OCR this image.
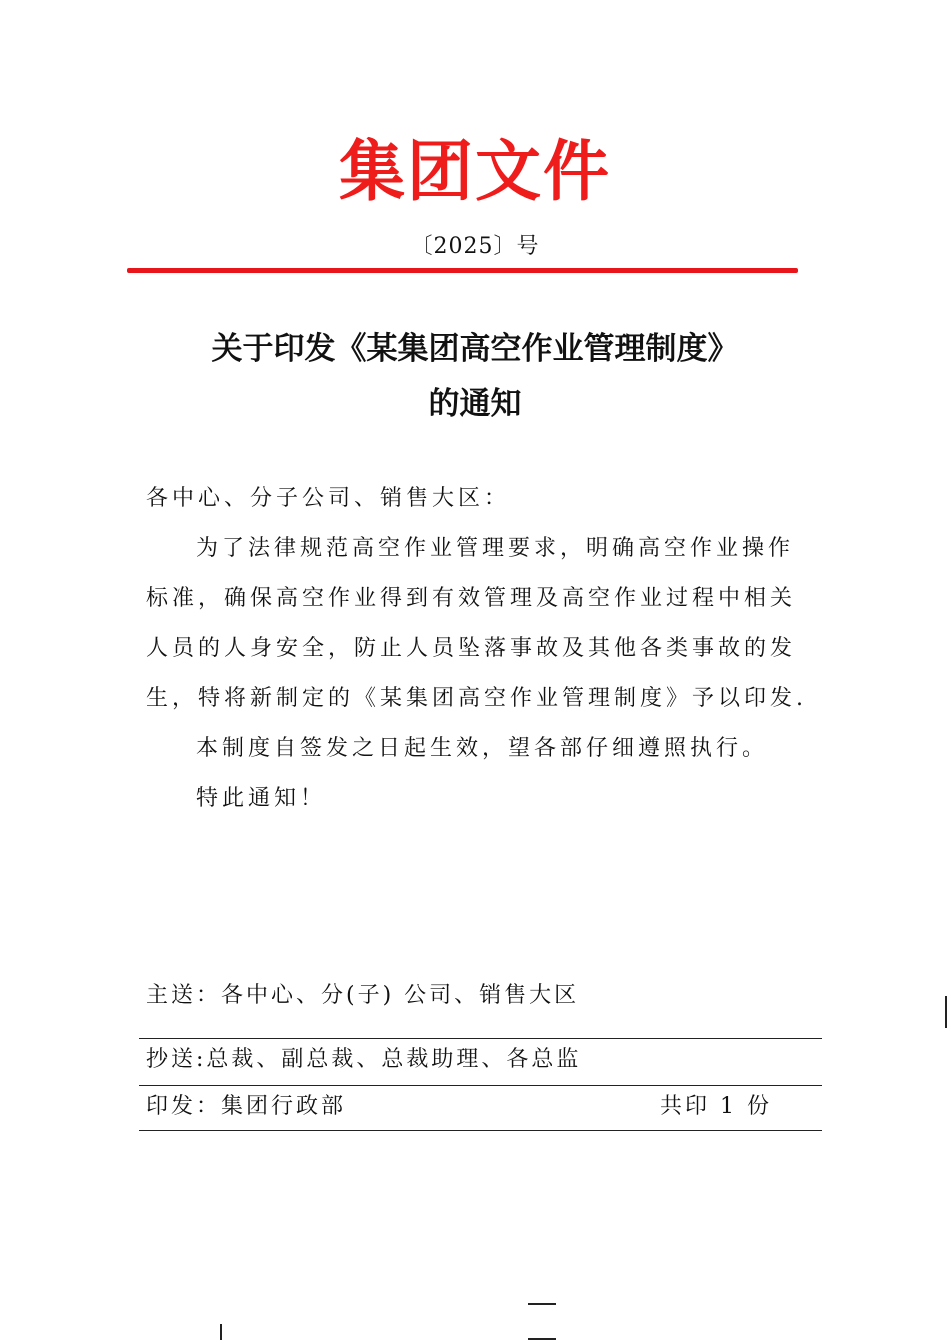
集团文件
〔2025〕号
关于印发《某集团高空作业管理制度》
的通知
各中心、分子公司、销售大区：
为了法律规范高空作业管理要求，明确高空作业操作
标准，确保高空作业得到有效管理及高空作业过程中相关
人员的人身安全，防止人员坠落事故及其他各类事故的发
生，特将新制定的《某集团高空作业管理制度》予以印发.
本制度自签发之日起生效，望各部仔细遵照执行。
特此通知！
主送：各中心、分(子) 公司、销售大区
抄送:总裁、副总裁、总裁助理、各总监
印发：集团行政部	共印 1 份
